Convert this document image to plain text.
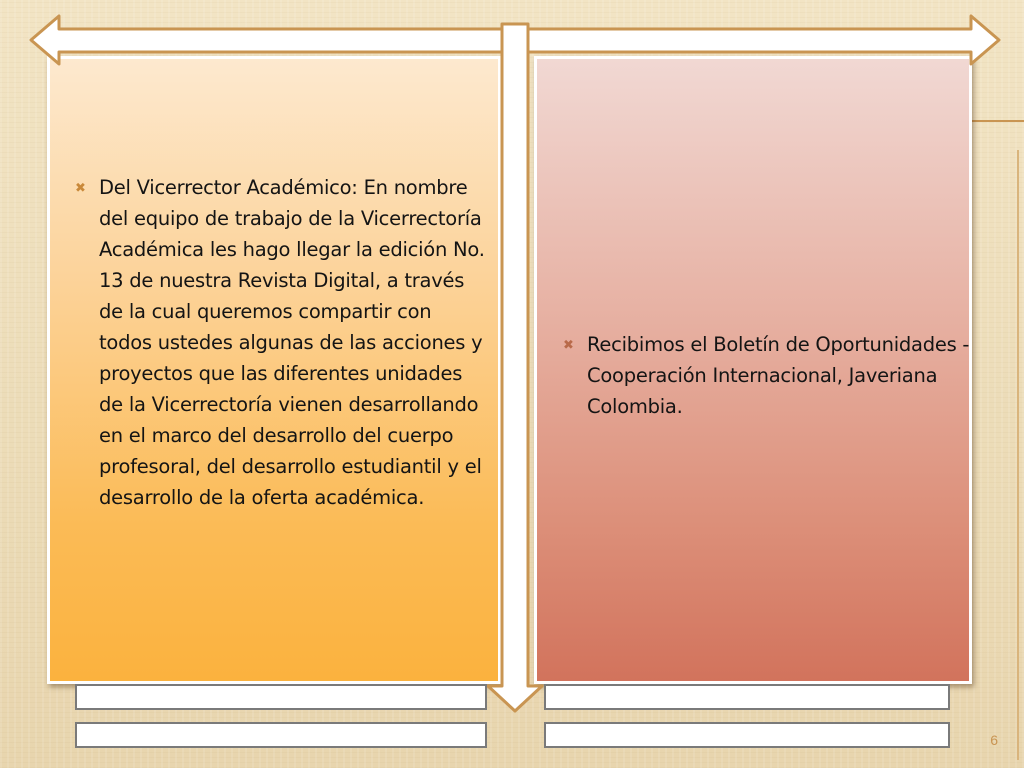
✖ Del Vicerrector Académico: En nombre del equipo de trabajo de la Vicerrectoría Académica les hago llegar la edición No. 13 de nuestra Revista Digital, a través de la cual queremos compartir con todos ustedes algunas de las acciones y proyectos que las diferentes unidades de la Vicerrectoría vienen desarrollando en el marco del desarrollo del cuerpo profesoral, del desarrollo estudiantil y el desarrollo de la oferta académica.
✖ Recibimos el Boletín de Oportunidades - Cooperación Internacional, Javeriana Colombia.
6
